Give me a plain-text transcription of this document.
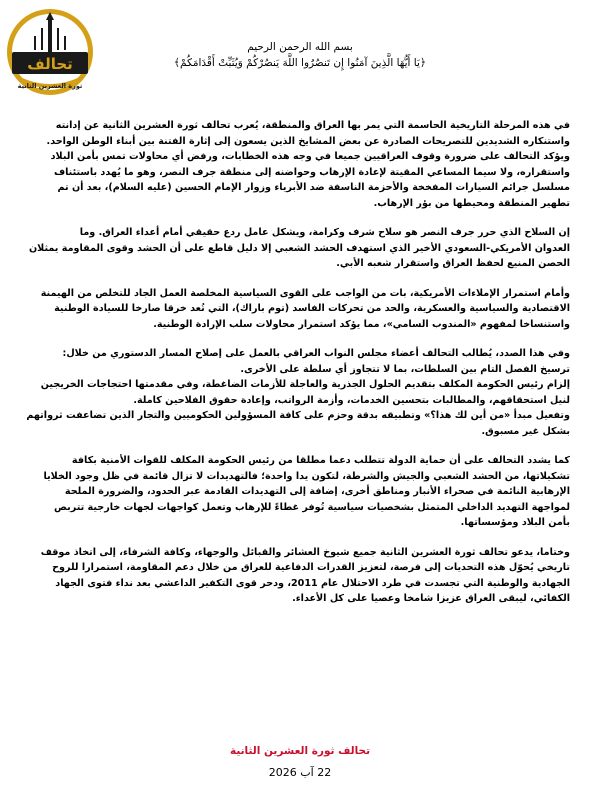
تحالف
ثورة العشرين الثانية
بسم الله الرحمن الرحيم
﴿يَا أَيُّهَا الَّذِينَ آمَنُوا إِن تَنصُرُوا اللَّهَ يَنصُرْكُمْ وَيُثَبِّتْ أَقْدَامَكُمْ﴾
في هذه المرحلة التاريخية الحاسمة التي يمر بها العراق والمنطقة، يُعرب تحالف ثورة العشرين الثانية عن إدانته
واستنكاره الشديدين للتصريحات الصادرة عن بعض المشايخ الذين يسعون إلى إثارة الفتنة بين أبناء الوطن الواحد.
ويؤكد التحالف على ضرورة وقوف العراقيين جميعا في وجه هذه الخطابات، ورفض أي محاولات تمس بأمن البلاد
واستقراره، ولا سيما المساعي المقيتة لإعادة الإرهاب وحواضنه إلى منطقة جرف النصر، وهو ما يُهدد باستئناف
مسلسل جرائم السيارات المفخخة والأحزمة الناسفة ضد الأبرياء وزوار الإمام الحسين (عليه السلام)، بعد أن تم
تطهير المنطقة ومحيطها من بؤر الإرهاب.
إن السلاح الذي حرر جرف النصر هو سلاح شرف وكرامة، ويشكل عامل ردع حقيقي أمام أعداء العراق. وما
العدوان الأمريكي-السعودي الأخير الذي استهدف الحشد الشعبي إلا دليل قاطع على أن الحشد وقوى المقاومة يمثلان
الحصن المنيع لحفظ العراق واستقرار شعبه الأبي.
وأمام استمرار الإملاءات الأمريكية، بات من الواجب على القوى السياسية المخلصة العمل الجاد للتخلص من الهيمنة
الاقتصادية والسياسية والعسكرية، والحد من تحركات الفاسد (توم باراك)، التي تُعد خرقا صارخا للسيادة الوطنية
واستنساخا لمفهوم «المندوب السامي»، مما يؤكد استمرار محاولات سلب الإرادة الوطنية.
وفي هذا الصدد، يُطالب التحالف أعضاء مجلس النواب العراقي بالعمل على إصلاح المسار الدستوري من خلال:
ترسيخ الفصل التام بين السلطات، بما لا تتجاوز أي سلطة على الأخرى.
إلزام رئيس الحكومة المكلف بتقديم الحلول الجذرية والعاجلة للأزمات الضاغطة، وفي مقدمتها احتجاجات الخريجين
لنيل استحقاقهم، والمطالبات بتحسين الخدمات، وأزمة الرواتب، وإعادة حقوق الفلاحين كاملة.
وتفعيل مبدأ «من أين لك هذا؟» وتطبيقه بدقة وحزم على كافة المسؤولين الحكوميين والتجار الذين تضاعفت ثرواتهم
بشكل غير مسبوق.
كما يشدد التحالف على أن حماية الدولة تتطلب دعما مطلقا من رئيس الحكومة المكلف للقوات الأمنية بكافة
تشكيلاتها، من الحشد الشعبي والجيش والشرطة، لتكون يدا واحدة؛ فالتهديدات لا تزال قائمة في ظل وجود الخلايا
الإرهابية النائمة في صحراء الأنبار ومناطق أخرى، إضافة إلى التهديدات القادمة عبر الحدود، والضرورة الملحة
لمواجهة التهديد الداخلي المتمثل بشخصيات سياسية تُوفر غطاءً للإرهاب وتعمل كواجهات لجهات خارجية تتربص
بأمن البلاد ومؤسساتها.
وختاما، يدعو تحالف ثورة العشرين الثانية جميع شيوخ العشائر والقبائل والوجهاء، وكافة الشرفاء، إلى اتخاذ موقف
تاريخي يُحوّل هذه التحديات إلى فرصة، لتعزيز القدرات الدفاعية للعراق من خلال دعم المقاومة، استمرارا للروح
الجهادية والوطنية التي تجسدت في طرد الاحتلال عام 2011، ودحر قوى التكفير الداعشي بعد نداء فتوى الجهاد
الكفائي، ليبقى العراق عزيزا شامخا وعصيا على كل الأعداء.
تحالف ثورة العشرين الثانية
22 آب 2026
